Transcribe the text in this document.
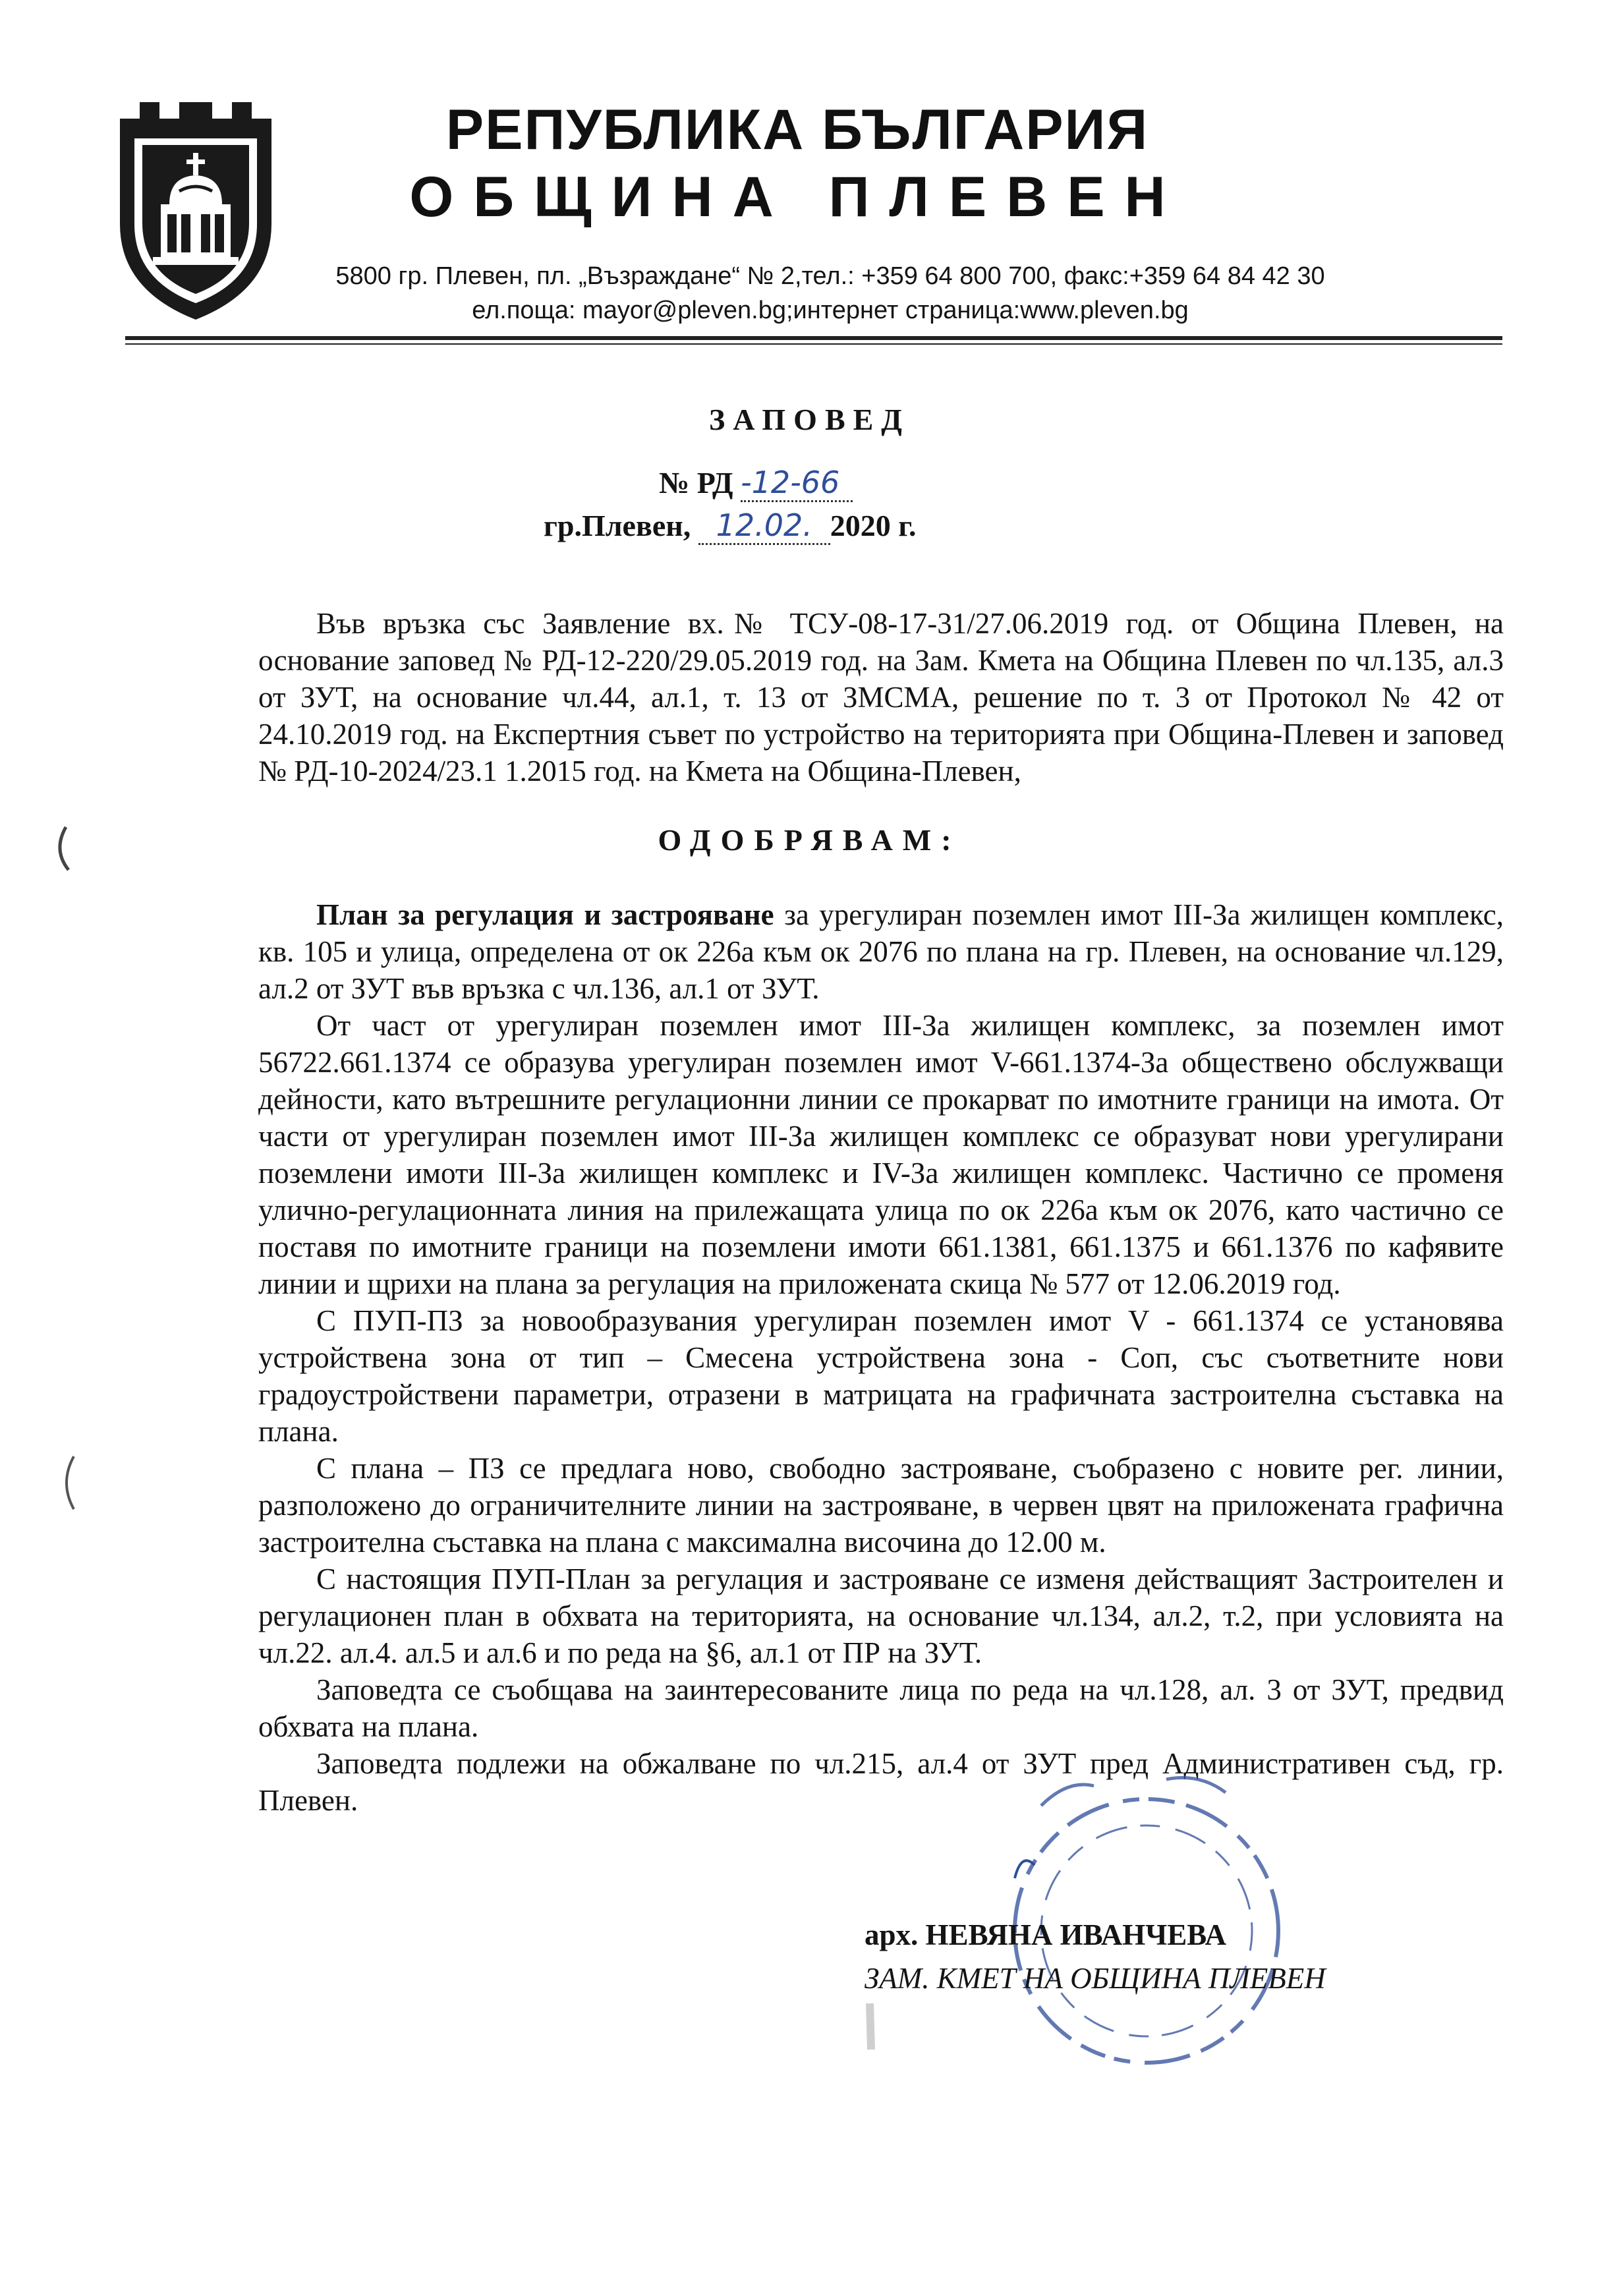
РЕПУБЛИКА БЪЛГАРИЯ
ОБЩИНА ПЛЕВЕН
5800 гр. Плевен, пл. „Възраждане“ № 2,тел.: +359 64 800 700, факс:+359 64 84 42 30
ел.поща: mayor@pleven.bg;интернет страница:www.pleven.bg
ЗАПОВЕД
№ РД -12-66
гр.Плевен, 12.02. 2020 г.

Във връзка със Заявление вх.№ ТСУ-08-17-31/27.06.2019 год. от Община Плевен, на основание заповед № РД-12-220/29.05.2019 год. на Зам. Кмета на Община Плевен по чл.135, ал.3 от ЗУТ, на основание чл.44, ал.1, т. 13 от ЗМСМА, решение по т. 3 от Протокол № 42 от 24.10.2019 год. на Експертния съвет по устройство на територията при Община-Плевен и заповед № РД-10-2024/23.1 1.2015 год. на Кмета на Община-Плевен,

ОДОБРЯВАМ:

План за регулация и застрояване за урегулиран поземлен имот III-За жилищен комплекс, кв. 105 и улица, определена от ок 226а към ок 2076 по плана на гр. Плевен, на основание чл.129, ал.2 от ЗУТ във връзка с чл.136, ал.1 от ЗУТ.

От част от урегулиран поземлен имот III-За жилищен комплекс, за поземлен имот 56722.661.1374 се образува урегулиран поземлен имот V-661.1374-За обществено обслужващи дейности, като вътрешните регулационни линии се прокарват по имотните граници на имота. От части от урегулиран поземлен имот III-За жилищен комплекс се образуват нови урегулирани поземлени имоти III-За жилищен комплекс и IV-За жилищен комплекс. Частично се променя улично-регулационната линия на прилежащата улица по ок 226а към ок 2076, като частично се поставя по имотните граници на поземлени имоти 661.1381, 661.1375 и 661.1376 по кафявите линии и щрихи на плана за регулация на приложената скица № 577 от 12.06.2019 год.

С ПУП-ПЗ за новообразувания урегулиран поземлен имот V - 661.1374 се установява устройствена зона от тип – Смесена устройствена зона - Соп, със съответните нови градоустройствени параметри, отразени в матрицата на графичната застроителна съставка на плана.

С плана – ПЗ се предлага ново, свободно застрояване, съобразено с новите рег. линии, разположено до ограничителните линии на застрояване, в червен цвят на приложената графична застроителна съставка на плана с максимална височина до 12.00 м.

С настоящия ПУП-План за регулация и застрояване се изменя действащият Застроителен и регулационен план в обхвата на територията, на основание чл.134, ал.2, т.2, при условията на чл.22. ал.4. ал.5 и ал.6 и по реда на §6, ал.1 от ПР на ЗУТ.

Заповедта се съобщава на заинтересованите лица по реда на чл.128, ал. 3 от ЗУТ, предвид обхвата на плана.

Заповедта подлежи на обжалване по чл.215, ал.4 от ЗУТ пред Административен съд, гр. Плевен.

арх. НЕВЯНА ИВАНЧЕВА
ЗАМ. КМЕТ НА ОБЩИНА ПЛЕВЕН
